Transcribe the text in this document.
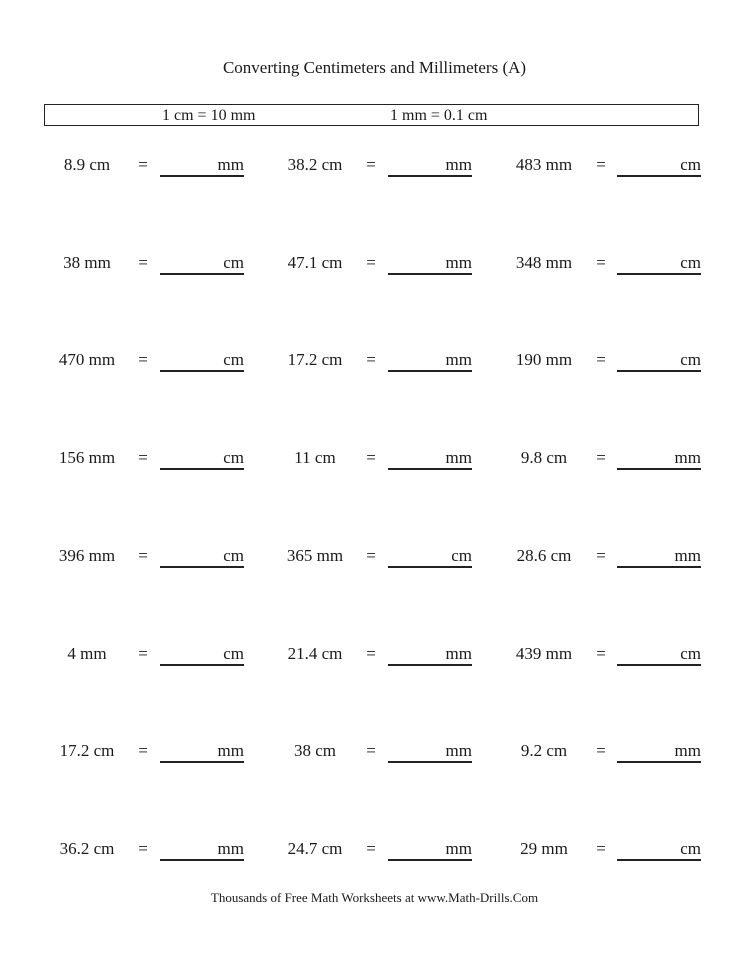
Converting Centimeters and Millimeters (A)
1 cm = 10 mm	1 mm = 0.1 cm
8.9 cm	=	mm	38.2 cm	=	mm	483 mm	=	cm
38 mm	=	cm	47.1 cm	=	mm	348 mm	=	cm
470 mm	=	cm	17.2 cm	=	mm	190 mm	=	cm
156 mm	=	cm	11 cm	=	mm	9.8 cm	=	mm
396 mm	=	cm	365 mm	=	cm	28.6 cm	=	mm
4 mm	=	cm	21.4 cm	=	mm	439 mm	=	cm
17.2 cm	=	mm	38 cm	=	mm	9.2 cm	=	mm
36.2 cm	=	mm	24.7 cm	=	mm	29 mm	=	cm
Thousands of Free Math Worksheets at www.Math-Drills.Com
